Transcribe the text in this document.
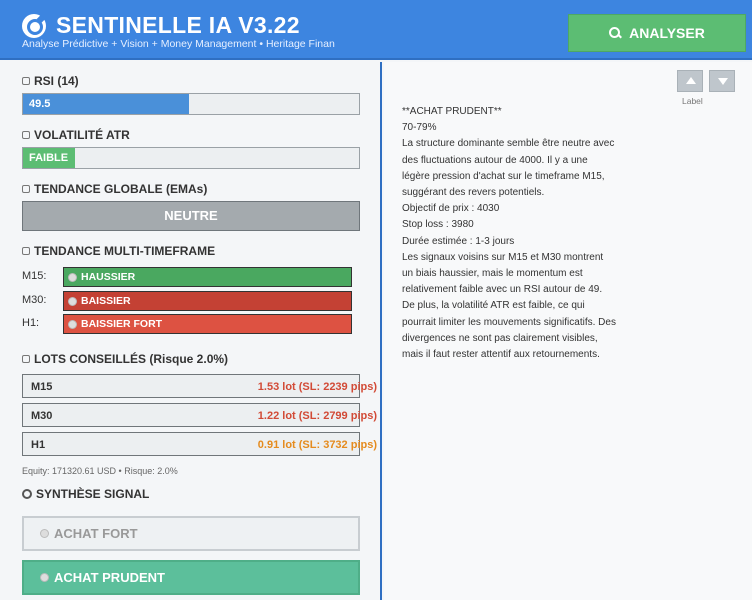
SENTINELLE IA V3.22
Analyse Prédictive + Vision + Money Management • Heritage Finan
ANALYSER
RSI (14)
49.5
VOLATILITÉ ATR
FAIBLE
TENDANCE GLOBALE (EMAs)
NEUTRE
TENDANCE MULTI-TIMEFRAME
M15:	HAUSSIER
M30:	BAISSIER
H1:	BAISSIER FORT
LOTS CONSEILLÉS (Risque 2.0%)
M15	1.53 lot (SL: 2239 pips)
M30	1.22 lot (SL: 2799 pips)
H1	0.91 lot (SL: 3732 pips)
Equity: 171320.61 USD • Risque: 2.0%
SYNTHÈSE SIGNAL
ACHAT FORT
ACHAT PRUDENT
Label
**ACHAT PRUDENT**
70-79%
La structure dominante semble être neutre avec des fluctuations autour de 4000. Il y a une légère pression d'achat sur le timeframe M15, suggérant des revers potentiels.
Objectif de prix : 4030
Stop loss : 3980
Durée estimée : 1-3 jours
Les signaux voisins sur M15 et M30 montrent un biais haussier, mais le momentum est relativement faible avec un RSI autour de 49. De plus, la volatilité ATR est faible, ce qui pourrait limiter les mouvements significatifs. Des divergences ne sont pas clairement visibles, mais il faut rester attentif aux retournements.
